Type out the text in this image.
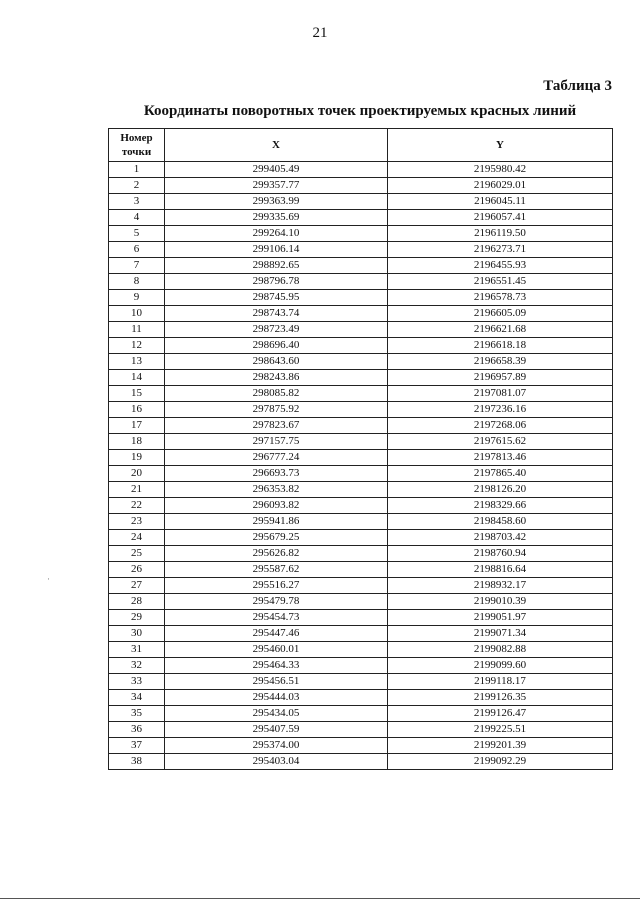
21
Таблица 3
Координаты поворотных точек проектируемых красных линий
Номер точки	X	Y
1	299405.49	2195980.42
2	299357.77	2196029.01
3	299363.99	2196045.11
4	299335.69	2196057.41
5	299264.10	2196119.50
6	299106.14	2196273.71
7	298892.65	2196455.93
8	298796.78	2196551.45
9	298745.95	2196578.73
10	298743.74	2196605.09
11	298723.49	2196621.68
12	298696.40	2196618.18
13	298643.60	2196658.39
14	298243.86	2196957.89
15	298085.82	2197081.07
16	297875.92	2197236.16
17	297823.67	2197268.06
18	297157.75	2197615.62
19	296777.24	2197813.46
20	296693.73	2197865.40
21	296353.82	2198126.20
22	296093.82	2198329.66
23	295941.86	2198458.60
24	295679.25	2198703.42
25	295626.82	2198760.94
26	295587.62	2198816.64
27	295516.27	2198932.17
28	295479.78	2199010.39
29	295454.73	2199051.97
30	295447.46	2199071.34
31	295460.01	2199082.88
32	295464.33	2199099.60
33	295456.51	2199118.17
34	295444.03	2199126.35
35	295434.05	2199126.47
36	295407.59	2199225.51
37	295374.00	2199201.39
38	295403.04	2199092.29
·
